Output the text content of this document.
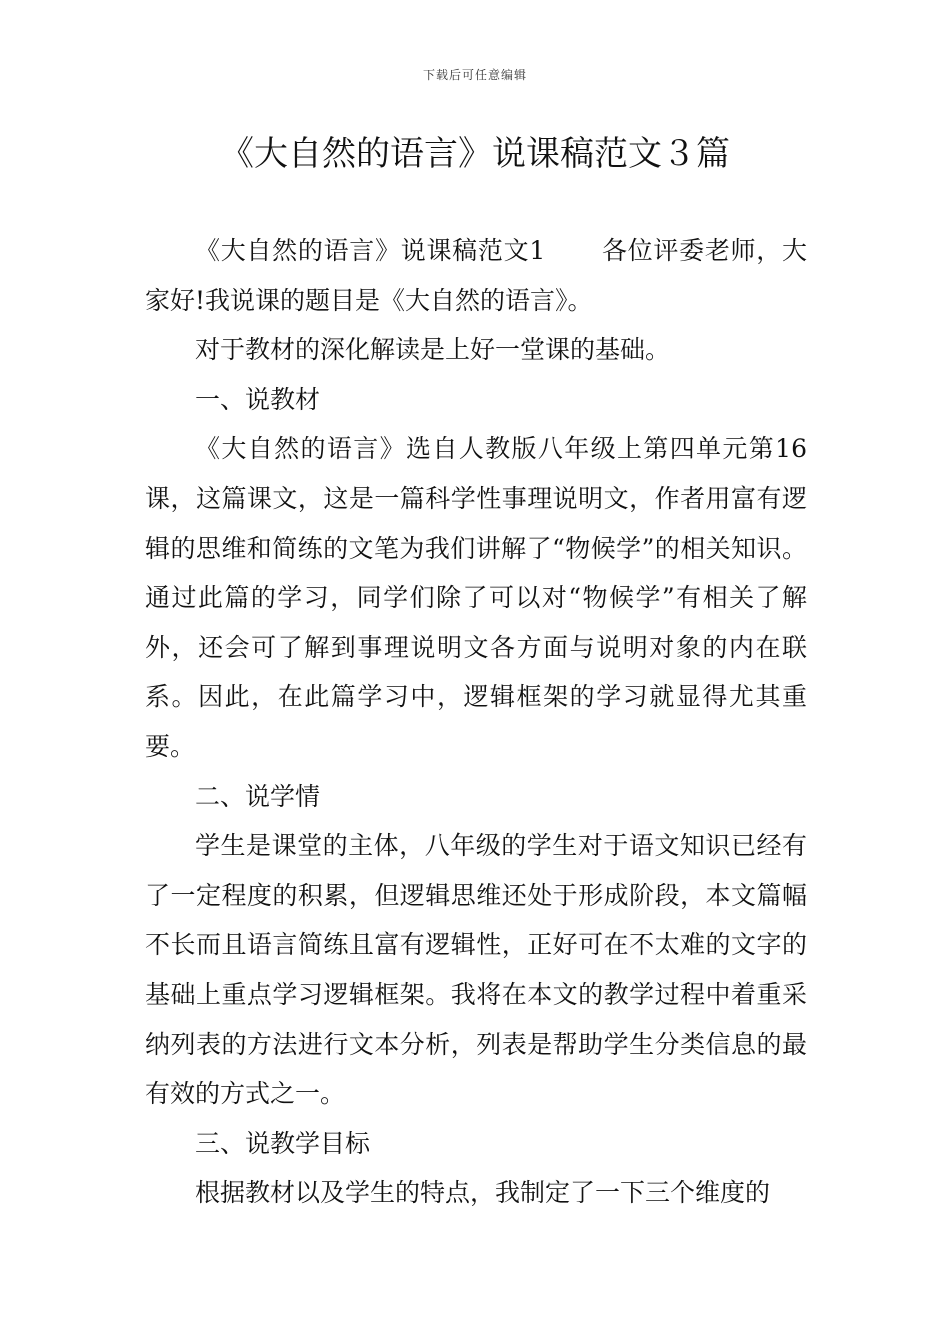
下载后可任意编辑
《大自然的语言》说课稿范文３篇

《大自然的语言》说课稿范文1 各位评委老师，大家好!我说课的题目是《大自然的语言》。

对于教材的深化解读是上好一堂课的基础。

一、说教材

《大自然的语言》选自人教版八年级上第四单元第16课，这篇课文，这是一篇科学性事理说明文，作者用富有逻辑的思维和简练的文笔为我们讲解了“物候学”的相关知识。通过此篇的学习，同学们除了可以对“物候学”有相关了解外，还会可了解到事理说明文各方面与说明对象的内在联系。因此，在此篇学习中，逻辑框架的学习就显得尤其重要。

二、说学情

学生是课堂的主体，八年级的学生对于语文知识已经有了一定程度的积累，但逻辑思维还处于形成阶段，本文篇幅不长而且语言简练且富有逻辑性，正好可在不太难的文字的基础上重点学习逻辑框架。我将在本文的教学过程中着重采纳列表的方法进行文本分析，列表是帮助学生分类信息的最有效的方式之一。

三、说教学目标

根据教材以及学生的特点，我制定了一下三个维度的
